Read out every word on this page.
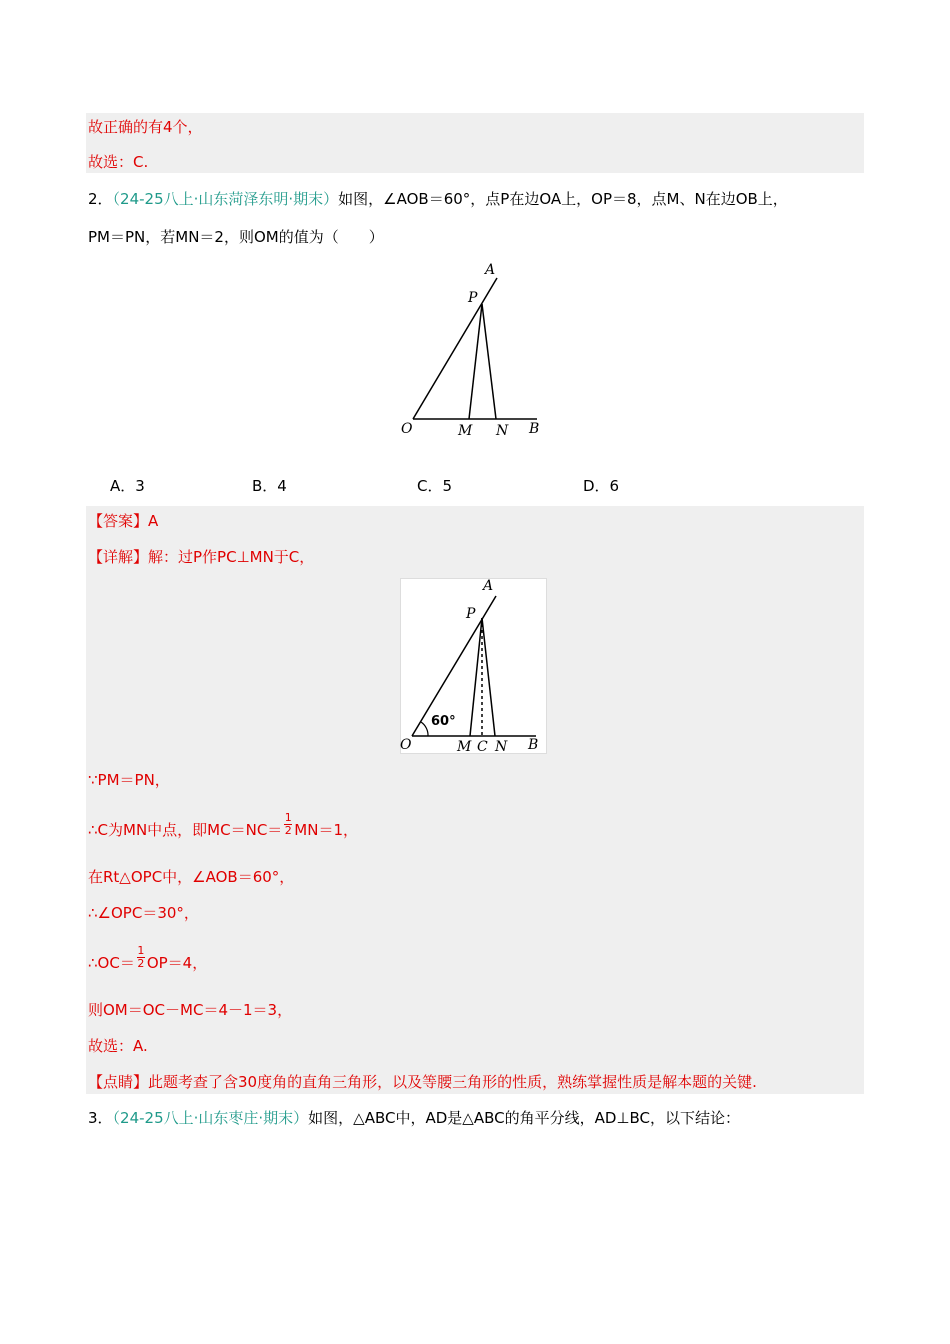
故正确的有4个，
故选：C.
2．（24-25八上·山东菏泽东明·期末）如图，∠AOB＝60°，点P在边OA上，OP＝8，点M、N在边OB上，
PM＝PN，若MN＝2，则OM的值为（　　）
A
P
O	M N B
A．3	B．4	C．5	D．6
【答案】A
【详解】解：过P作PC⊥MN于C，
60°
A
P
O	M C N B
∵PM＝PN，
∴C为MN中点，即$MC=NC= \frac{1}{2} MN=1$，
在Rt△OPC中，∠AOB＝60°，
∴∠OPC＝30°，
∴OC＝ $\frac{1}{2} OP=4$，
则OM＝OC－MC＝4－1＝3，
故选：A.
【点睛】此题考查了含30度角的直角三角形，以及等腰三角形的性质，熟练掌握性质是解本题的关键.
3．（24-25八上·山东枣庄·期末）如图，△ABC中，AD是△ABC的角平分线，AD⊥BC，以下结论：
